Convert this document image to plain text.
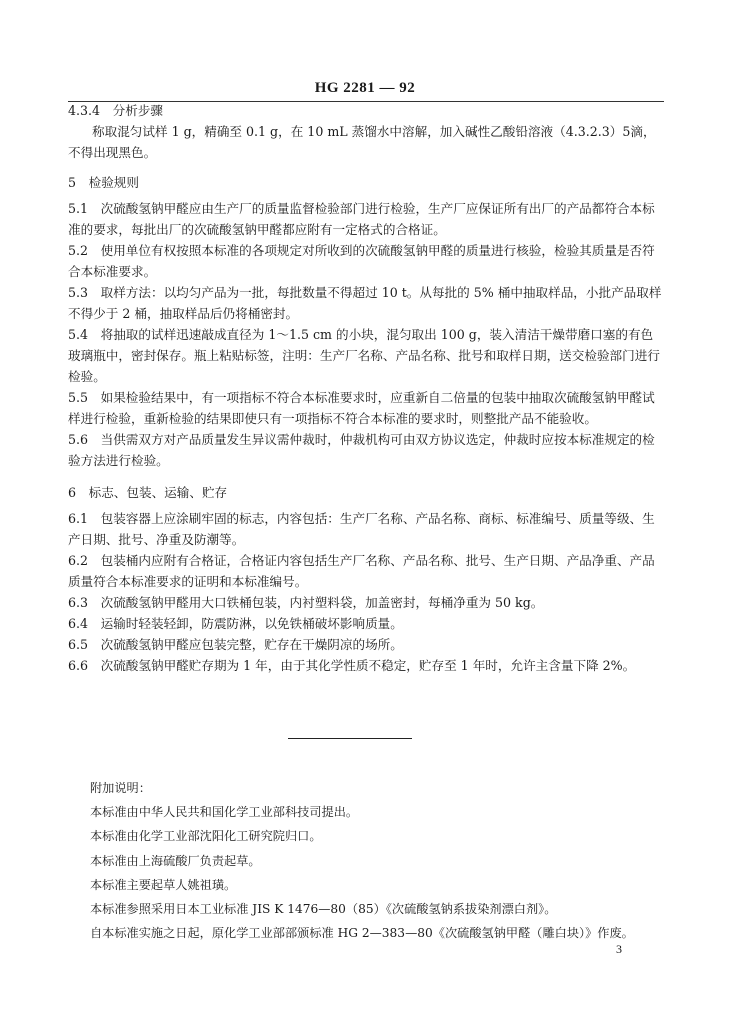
HG 2281 — 92

4.3.4　分析步骤

称取混匀试样 1 g，精确至 0.1 g，在 10 mL 蒸馏水中溶解，加入碱性乙酸铅溶液（4.3.2.3）5滴，不得出现黑色。

5　检验规则

5.1　次硫酸氢钠甲醛应由生产厂的质量监督检验部门进行检验，生产厂应保证所有出厂的产品都符合本标准的要求，每批出厂的次硫酸氢钠甲醛都应附有一定格式的合格证。

5.2　使用单位有权按照本标准的各项规定对所收到的次硫酸氢钠甲醛的质量进行核验，检验其质量是否符合本标准要求。

5.3　取样方法：以均匀产品为一批，每批数量不得超过 10 t。从每批的 5% 桶中抽取样品，小批产品取样不得少于 2 桶，抽取样品后仍将桶密封。

5.4　将抽取的试样迅速敲成直径为 1～1.5 cm 的小块，混匀取出 100 g，装入清洁干燥带磨口塞的有色玻璃瓶中，密封保存。瓶上粘贴标签，注明：生产厂名称、产品名称、批号和取样日期，送交检验部门进行检验。

5.5　如果检验结果中，有一项指标不符合本标准要求时，应重新自二倍量的包装中抽取次硫酸氢钠甲醛试样进行检验，重新检验的结果即使只有一项指标不符合本标准的要求时，则整批产品不能验收。

5.6　当供需双方对产品质量发生异议需仲裁时，仲裁机构可由双方协议选定，仲裁时应按本标准规定的检验方法进行检验。

6　标志、包装、运输、贮存

6.1　包装容器上应涂刷牢固的标志，内容包括：生产厂名称、产品名称、商标、标准编号、质量等级、生产日期、批号、净重及防潮等。

6.2　包装桶内应附有合格证，合格证内容包括生产厂名称、产品名称、批号、生产日期、产品净重、产品质量符合本标准要求的证明和本标准编号。

6.3　次硫酸氢钠甲醛用大口铁桶包装，内衬塑料袋，加盖密封，每桶净重为 50 kg。

6.4　运输时轻装轻卸，防震防淋，以免铁桶破坏影响质量。

6.5　次硫酸氢钠甲醛应包装完整，贮存在干燥阴凉的场所。

6.6　次硫酸氢钠甲醛贮存期为 1 年，由于其化学性质不稳定，贮存至 1 年时，允许主含量下降 2%。

附加说明：

本标准由中华人民共和国化学工业部科技司提出。

本标准由化学工业部沈阳化工研究院归口。

本标准由上海硫酸厂负责起草。

本标准主要起草人姚祖璜。

本标准参照采用日本工业标准 JIS K 1476—80（85）《次硫酸氢钠系拔染剂漂白剂》。

自本标准实施之日起，原化学工业部部颁标准 HG 2—383—80《次硫酸氢钠甲醛（雕白块）》作废。

3
